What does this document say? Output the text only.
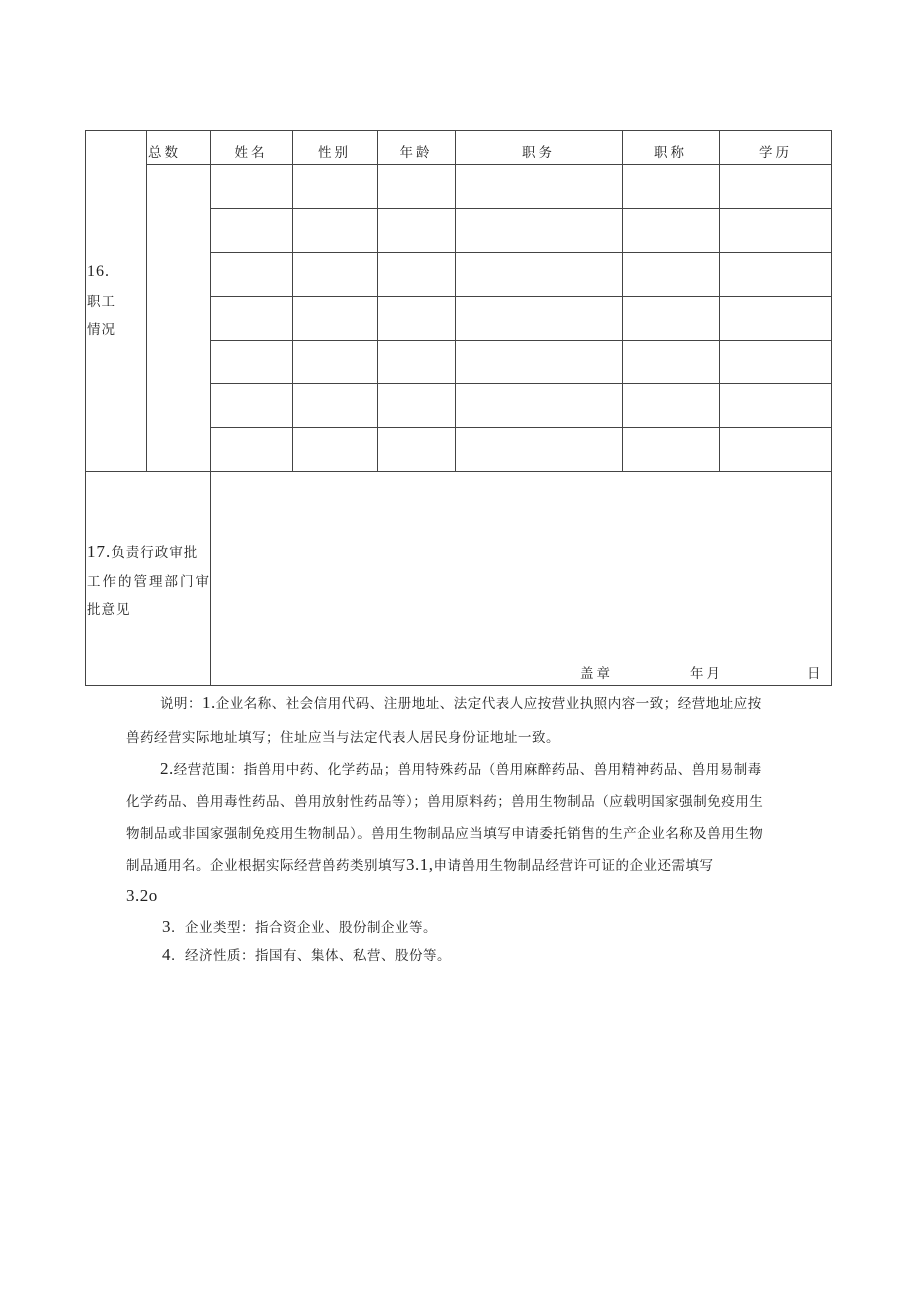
总数	姓名	性别	年龄	职务	职称	学历
16.
职工
情况
17.负责行政审批
工作的管理部门审
批意见
盖章	年月	日
说明：1.企业名称、社会信用代码、注册地址、法定代表人应按营业执照内容一致；经营地址应按
兽药经营实际地址填写；住址应当与法定代表人居民身份证地址一致。
2.经营范围：指兽用中药、化学药品；兽用特殊药品（兽用麻醉药品、兽用精神药品、兽用易制毒
化学药品、兽用毒性药品、兽用放射性药品等）；兽用原料药；兽用生物制品（应载明国家强制免疫用生
物制品或非国家强制免疫用生物制品）。兽用生物制品应当填写申请委托销售的生产企业名称及兽用生物
制品通用名。企业根据实际经营兽药类别填写3.1,申请兽用生物制品经营许可证的企业还需填写
3.2o
3．企业类型：指合资企业、股份制企业等。
4．经济性质：指国有、集体、私营、股份等。
